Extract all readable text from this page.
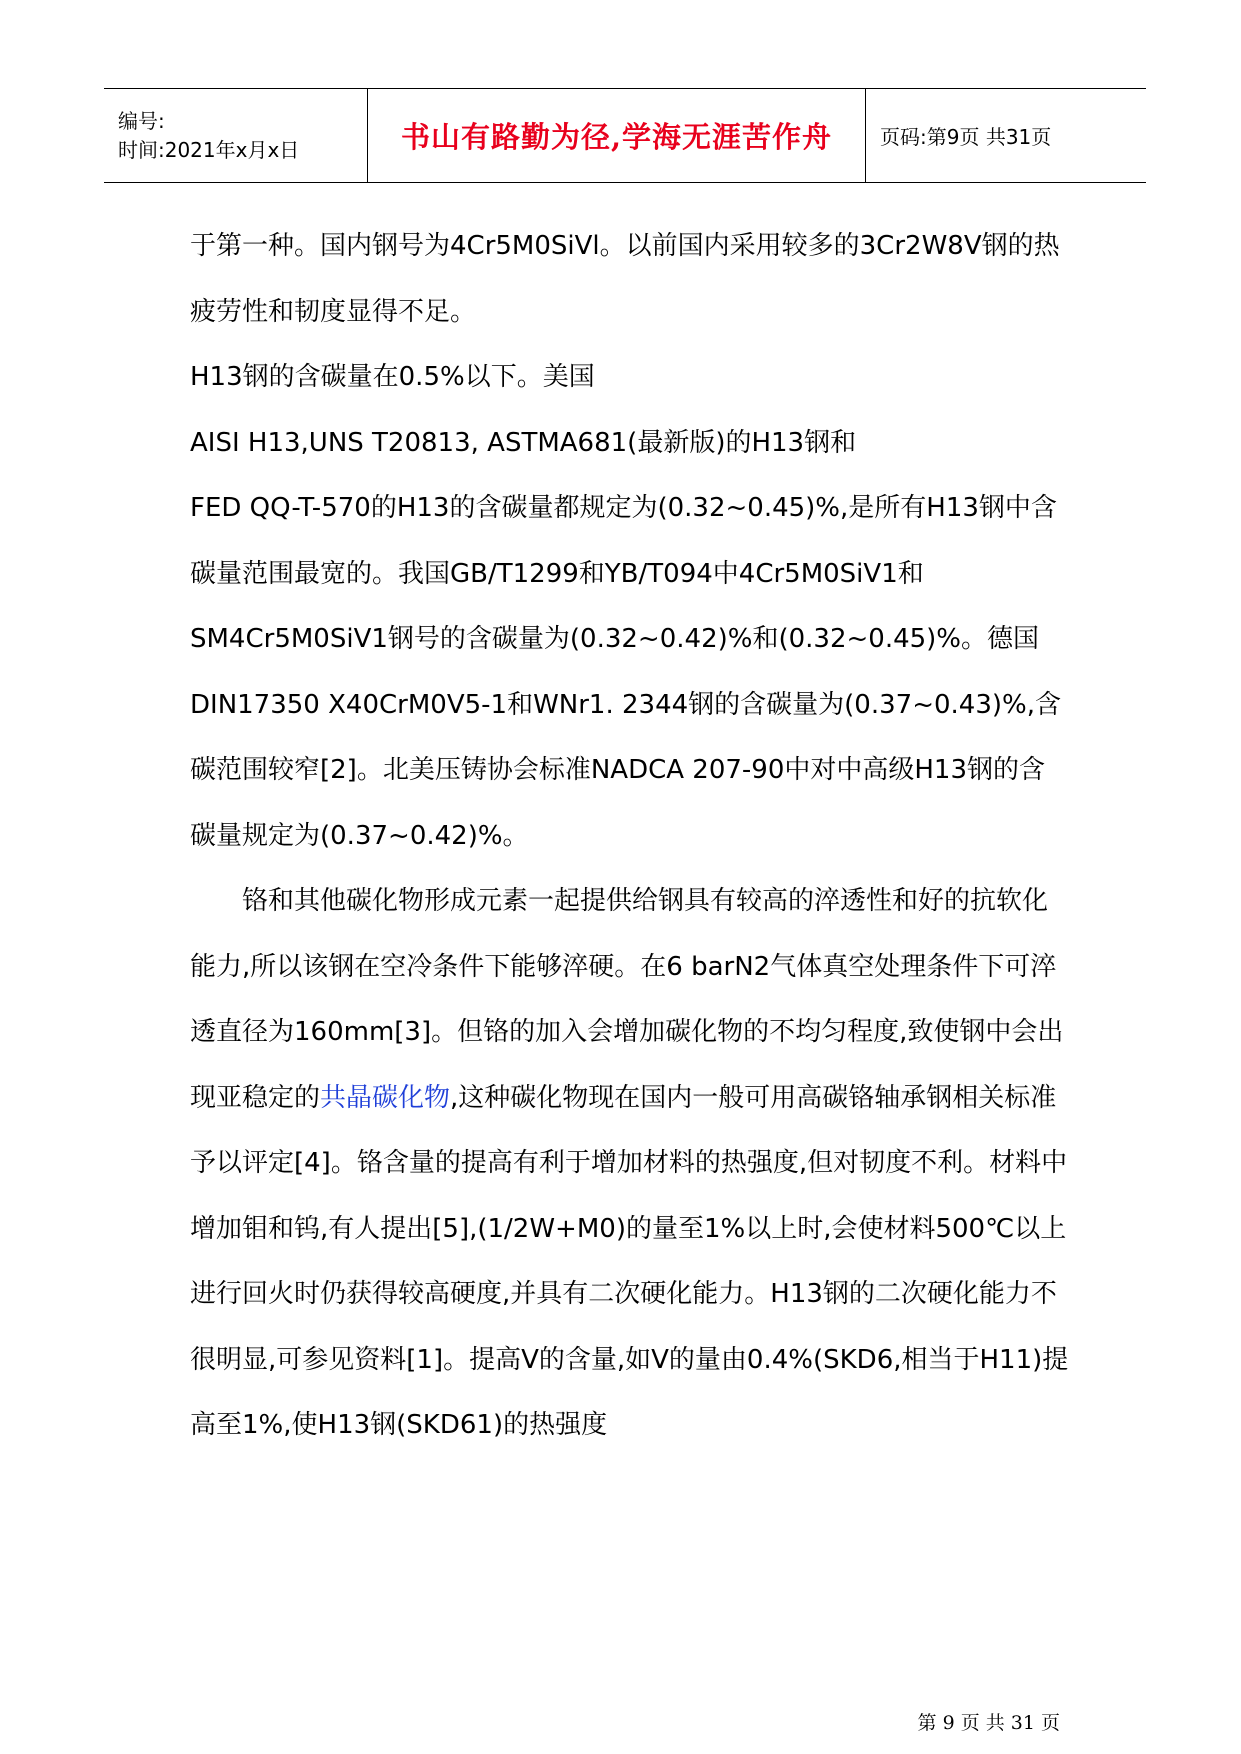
编号:
时间:2021年x月x日	书山有路勤为径,学海无涯苦作舟 页码:第9页 共31页

于第一种。国内钢号为4Cr5M0SiVl。以前国内采用较多的3Cr2W8V钢的热疲劳性和韧度显得不足。

H13钢的含碳量在0.5%以下。美国

AISI H13,UNS T20813, ASTMA681(最新版)的H13钢和

FED QQ-T-570的H13的含碳量都规定为(0.32~0.45)%,是所有H13钢中含碳量范围最宽的。我国GB/T1299和YB/T094中4Cr5M0SiV1和SM4Cr5M0SiV1钢号的含碳量为(0.32~0.42)%和(0.32~0.45)%。德国DIN17350 X40CrM0V5-1和WNr1. 2344钢的含碳量为(0.37~0.43)%,含碳范围较窄[2]。北美压铸协会标准NADCA 207-90中对中高级H13钢的含碳量规定为(0.37~0.42)%。

铬和其他碳化物形成元素一起提供给钢具有较高的淬透性和好的抗软化能力,所以该钢在空冷条件下能够淬硬。在6 barN2气体真空处理条件下可淬透直径为160mm[3]。但铬的加入会增加碳化物的不均匀程度,致使钢中会出现亚稳定的共晶碳化物,这种碳化物现在国内一般可用高碳铬轴承钢相关标准予以评定[4]。铬含量的提高有利于增加材料的热强度,但对韧度不利。材料中增加钼和钨,有人提出[5],(1/2W+M0)的量至1%以上时,会使材料500℃以上进行回火时仍获得较高硬度,并具有二次硬化能力。H13钢的二次硬化能力不很明显,可参见资料[1]。提高V的含量,如V的量由0.4%(SKD6,相当于H11)提高至1%,使H13钢(SKD61)的热强度

第 9 页 共 31 页
